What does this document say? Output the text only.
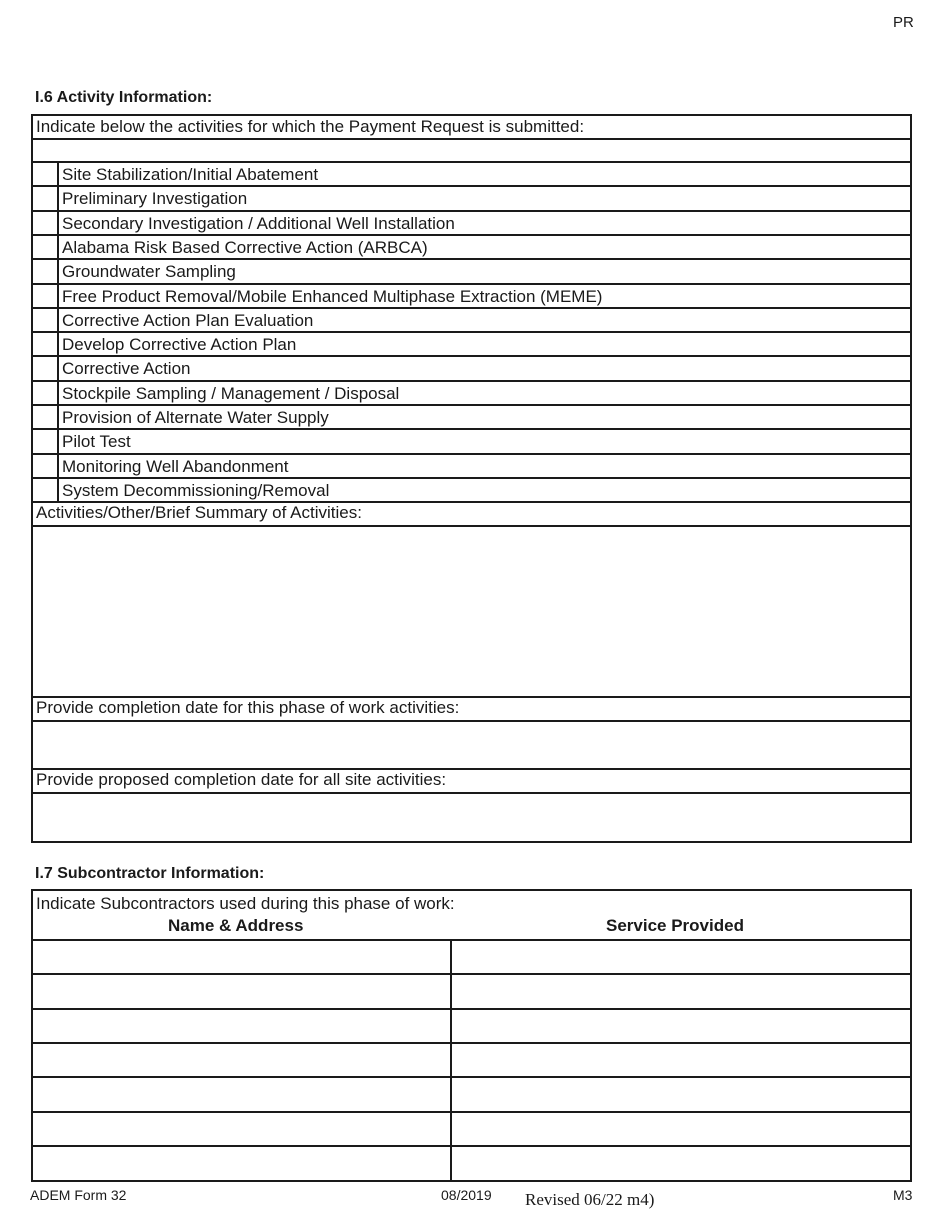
PR
I.6 Activity Information:
Indicate below the activities for which the Payment Request is submitted:
Site Stabilization/Initial Abatement
Preliminary Investigation
Secondary Investigation / Additional Well Installation
Alabama Risk Based Corrective Action (ARBCA)
Groundwater Sampling
Free Product Removal/Mobile Enhanced Multiphase Extraction (MEME)
Corrective Action Plan Evaluation
Develop Corrective Action Plan
Corrective Action
Stockpile Sampling / Management / Disposal
Provision of Alternate Water Supply
Pilot Test
Monitoring Well Abandonment
System Decommissioning/Removal
Activities/Other/Brief Summary of Activities:
Provide completion date for this phase of work activities:
Provide proposed completion date for all site activities:
I.7 Subcontractor Information:
Indicate Subcontractors used during this phase of work:
Name & Address	Service Provided
ADEM Form 32	08/2019 Revised 06/22 m4)	M3
